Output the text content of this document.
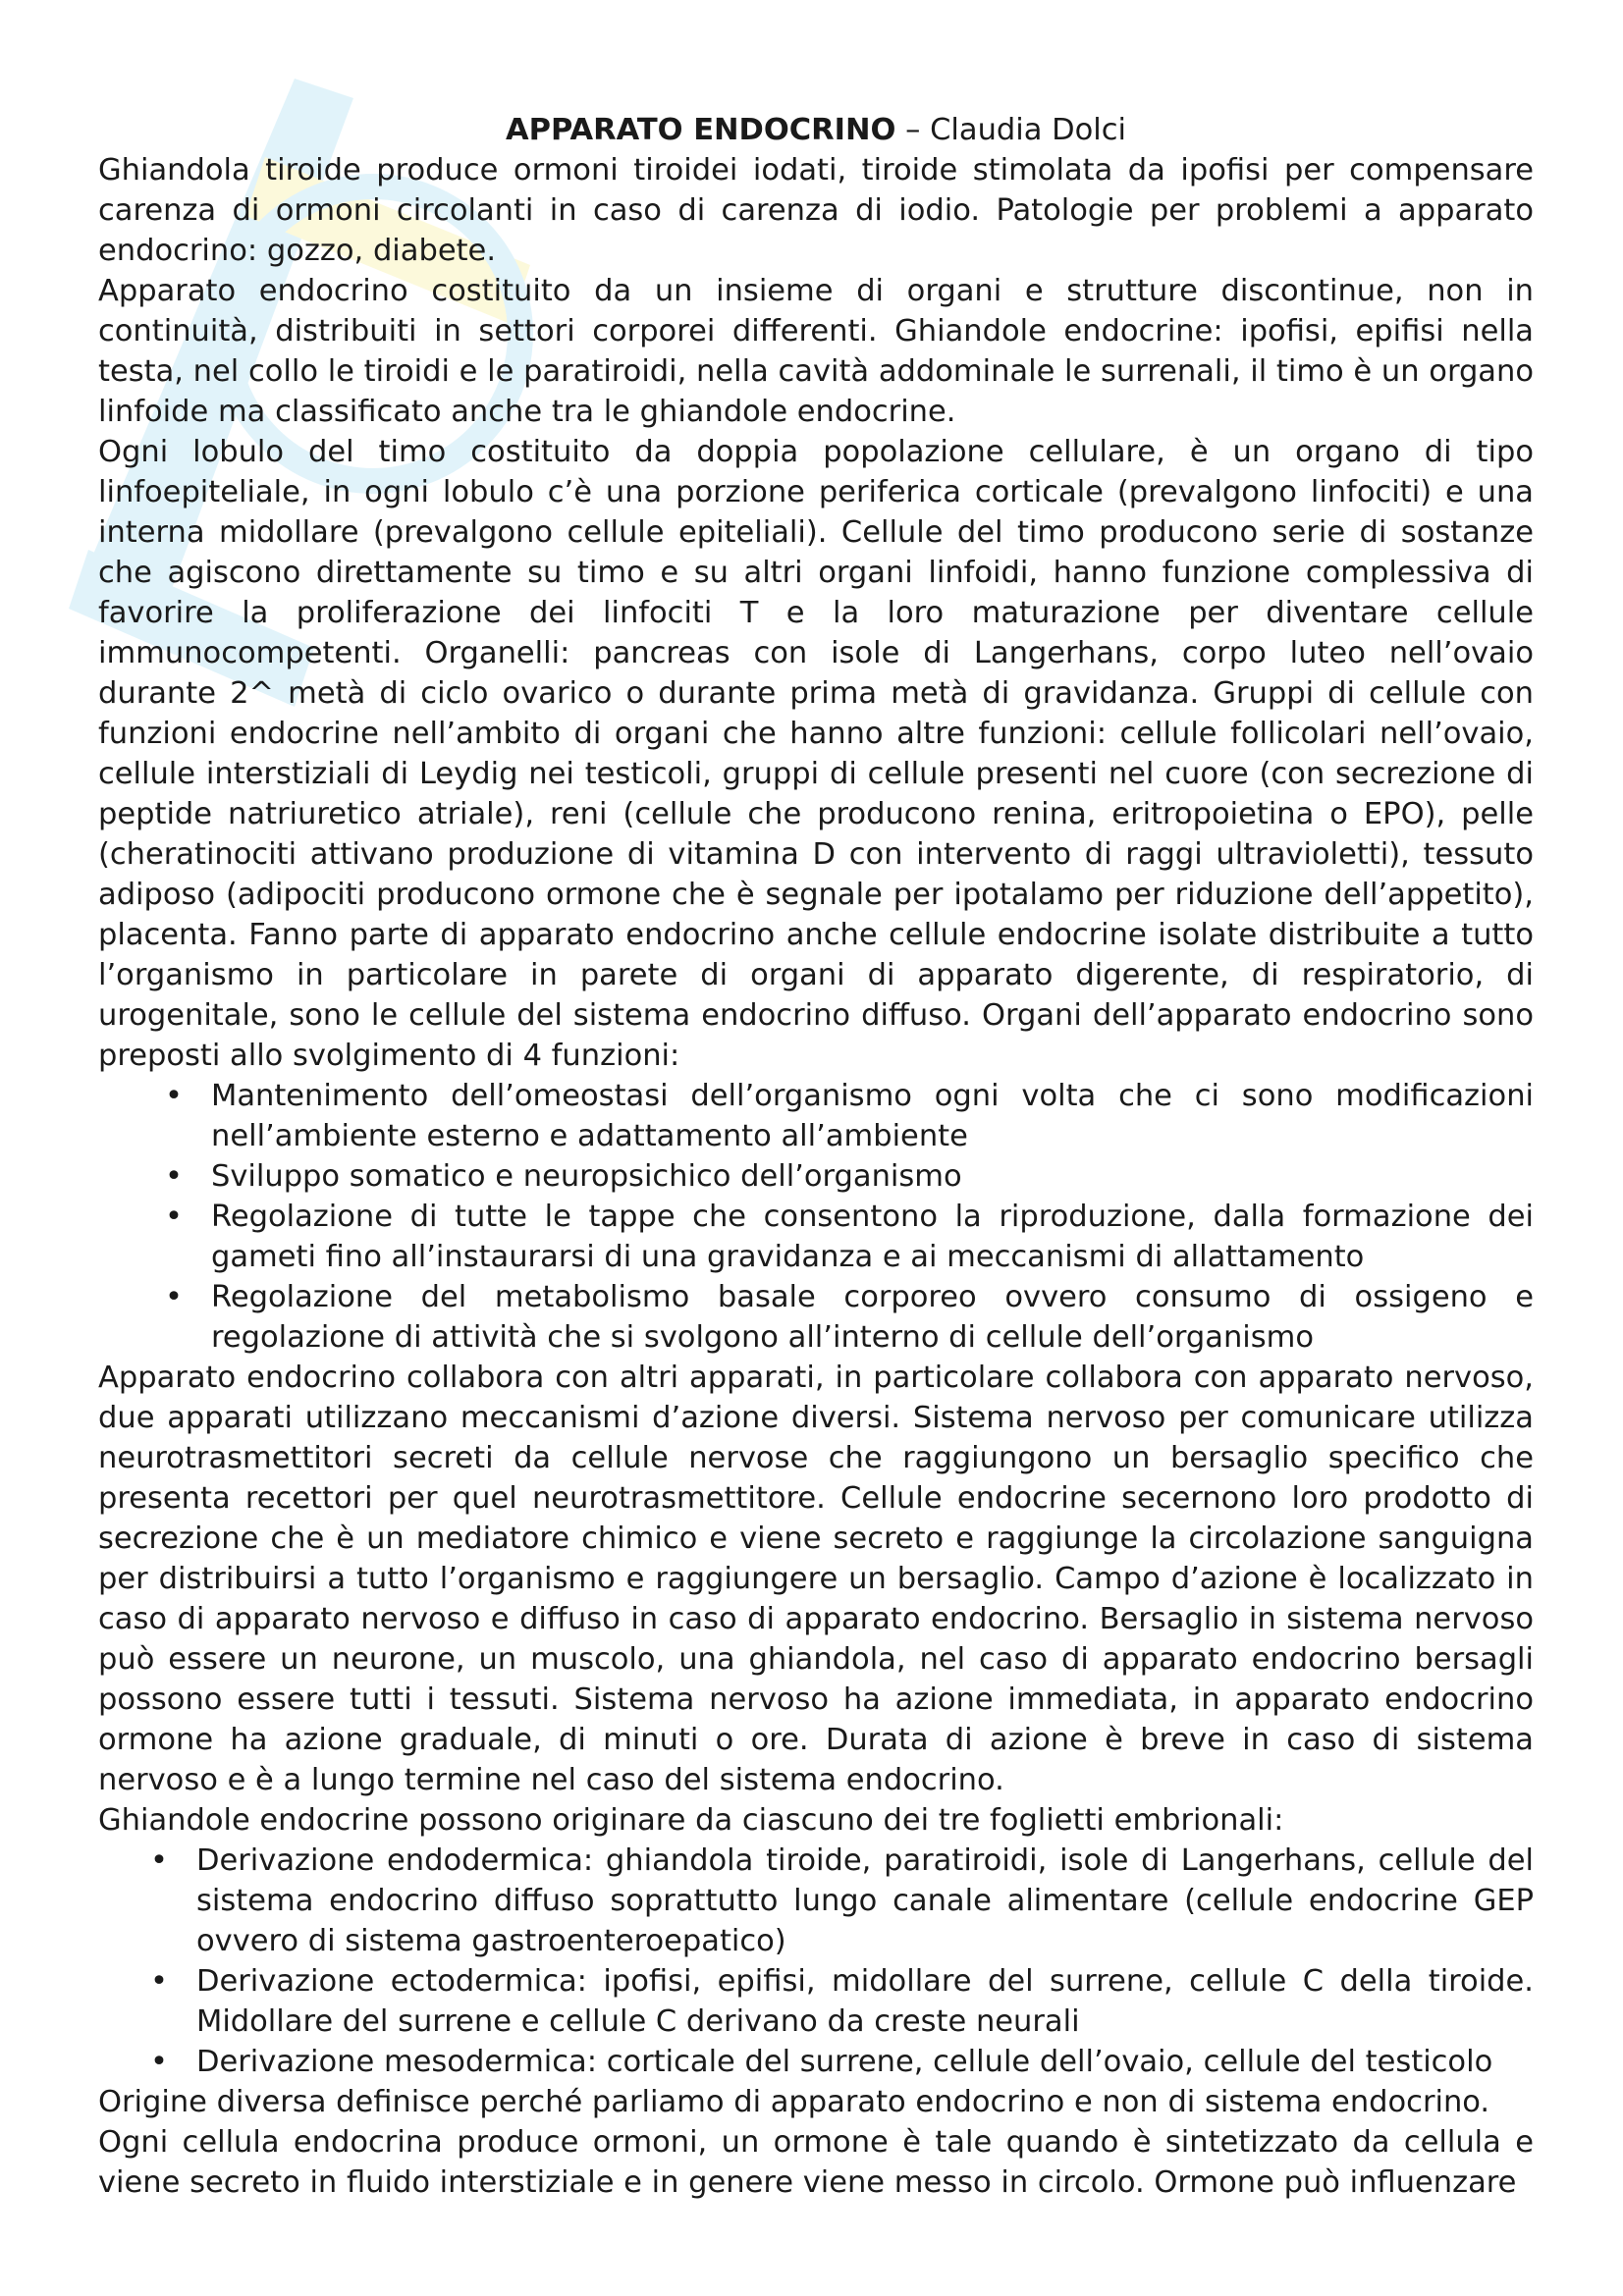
APPARATO ENDOCRINO – Claudia Dolci

Ghiandola tiroide produce ormoni tiroidei iodati, tiroide stimolata da ipofisi per compensare carenza di ormoni circolanti in caso di carenza di iodio. Patologie per problemi a apparato endocrino: gozzo, diabete.

Apparato endocrino costituito da un insieme di organi e strutture discontinue, non in continuità, distribuiti in settori corporei differenti. Ghiandole endocrine: ipofisi, epifisi nella testa, nel collo le tiroidi e le paratiroidi, nella cavità addominale le surrenali, il timo è un organo linfoide ma classificato anche tra le ghiandole endocrine.

Ogni lobulo del timo costituito da doppia popolazione cellulare, è un organo di tipo linfoepiteliale, in ogni lobulo c’è una porzione periferica corticale (prevalgono linfociti) e una interna midollare (prevalgono cellule epiteliali). Cellule del timo producono serie di sostanze che agiscono direttamente su timo e su altri organi linfoidi, hanno funzione complessiva di favorire la proliferazione dei linfociti T e la loro maturazione per diventare cellule immunocompetenti. Organelli: pancreas con isole di Langerhans, corpo luteo nell’ovaio durante 2^ metà di ciclo ovarico o durante prima metà di gravidanza. Gruppi di cellule con funzioni endocrine nell’ambito di organi che hanno altre funzioni: cellule follicolari nell’ovaio, cellule interstiziali di Leydig nei testicoli, gruppi di cellule presenti nel cuore (con secrezione di peptide natriuretico atriale), reni (cellule che producono renina, eritropoietina o EPO), pelle (cheratinociti attivano produzione di vitamina D con intervento di raggi ultravioletti), tessuto adiposo (adipociti producono ormone che è segnale per ipotalamo per riduzione dell’appetito), placenta. Fanno parte di apparato endocrino anche cellule endocrine isolate distribuite a tutto l’organismo in particolare in parete di organi di apparato digerente, di respiratorio, di urogenitale, sono le cellule del sistema endocrino diffuso. Organi dell’apparato endocrino sono preposti allo svolgimento di 4 funzioni:

• Mantenimento dell’omeostasi dell’organismo ogni volta che ci sono modificazioni nell’ambiente esterno e adattamento all’ambiente
• Sviluppo somatico e neuropsichico dell’organismo
• Regolazione di tutte le tappe che consentono la riproduzione, dalla formazione dei gameti fino all’instaurarsi di una gravidanza e ai meccanismi di allattamento
• Regolazione del metabolismo basale corporeo ovvero consumo di ossigeno e regolazione di attività che si svolgono all’interno di cellule dell’organismo

Apparato endocrino collabora con altri apparati, in particolare collabora con apparato nervoso, due apparati utilizzano meccanismi d’azione diversi. Sistema nervoso per comunicare utilizza neurotrasmettitori secreti da cellule nervose che raggiungono un bersaglio specifico che presenta recettori per quel neurotrasmettitore. Cellule endocrine secernono loro prodotto di secrezione che è un mediatore chimico e viene secreto e raggiunge la circolazione sanguigna per distribuirsi a tutto l’organismo e raggiungere un bersaglio. Campo d’azione è localizzato in caso di apparato nervoso e diffuso in caso di apparato endocrino. Bersaglio in sistema nervoso può essere un neurone, un muscolo, una ghiandola, nel caso di apparato endocrino bersagli possono essere tutti i tessuti. Sistema nervoso ha azione immediata, in apparato endocrino ormone ha azione graduale, di minuti o ore. Durata di azione è breve in caso di sistema nervoso e è a lungo termine nel caso del sistema endocrino.

Ghiandole endocrine possono originare da ciascuno dei tre foglietti embrionali:

• Derivazione endodermica: ghiandola tiroide, paratiroidi, isole di Langerhans, cellule del sistema endocrino diffuso soprattutto lungo canale alimentare (cellule endocrine GEP ovvero di sistema gastroenteroepatico)
• Derivazione ectodermica: ipofisi, epifisi, midollare del surrene, cellule C della tiroide. Midollare del surrene e cellule C derivano da creste neurali
• Derivazione mesodermica: corticale del surrene, cellule dell’ovaio, cellule del testicolo

Origine diversa definisce perché parliamo di apparato endocrino e non di sistema endocrino.

Ogni cellula endocrina produce ormoni, un ormone è tale quando è sintetizzato da cellula e viene secreto in fluido interstiziale e in genere viene messo in circolo. Ormone può influenzare
